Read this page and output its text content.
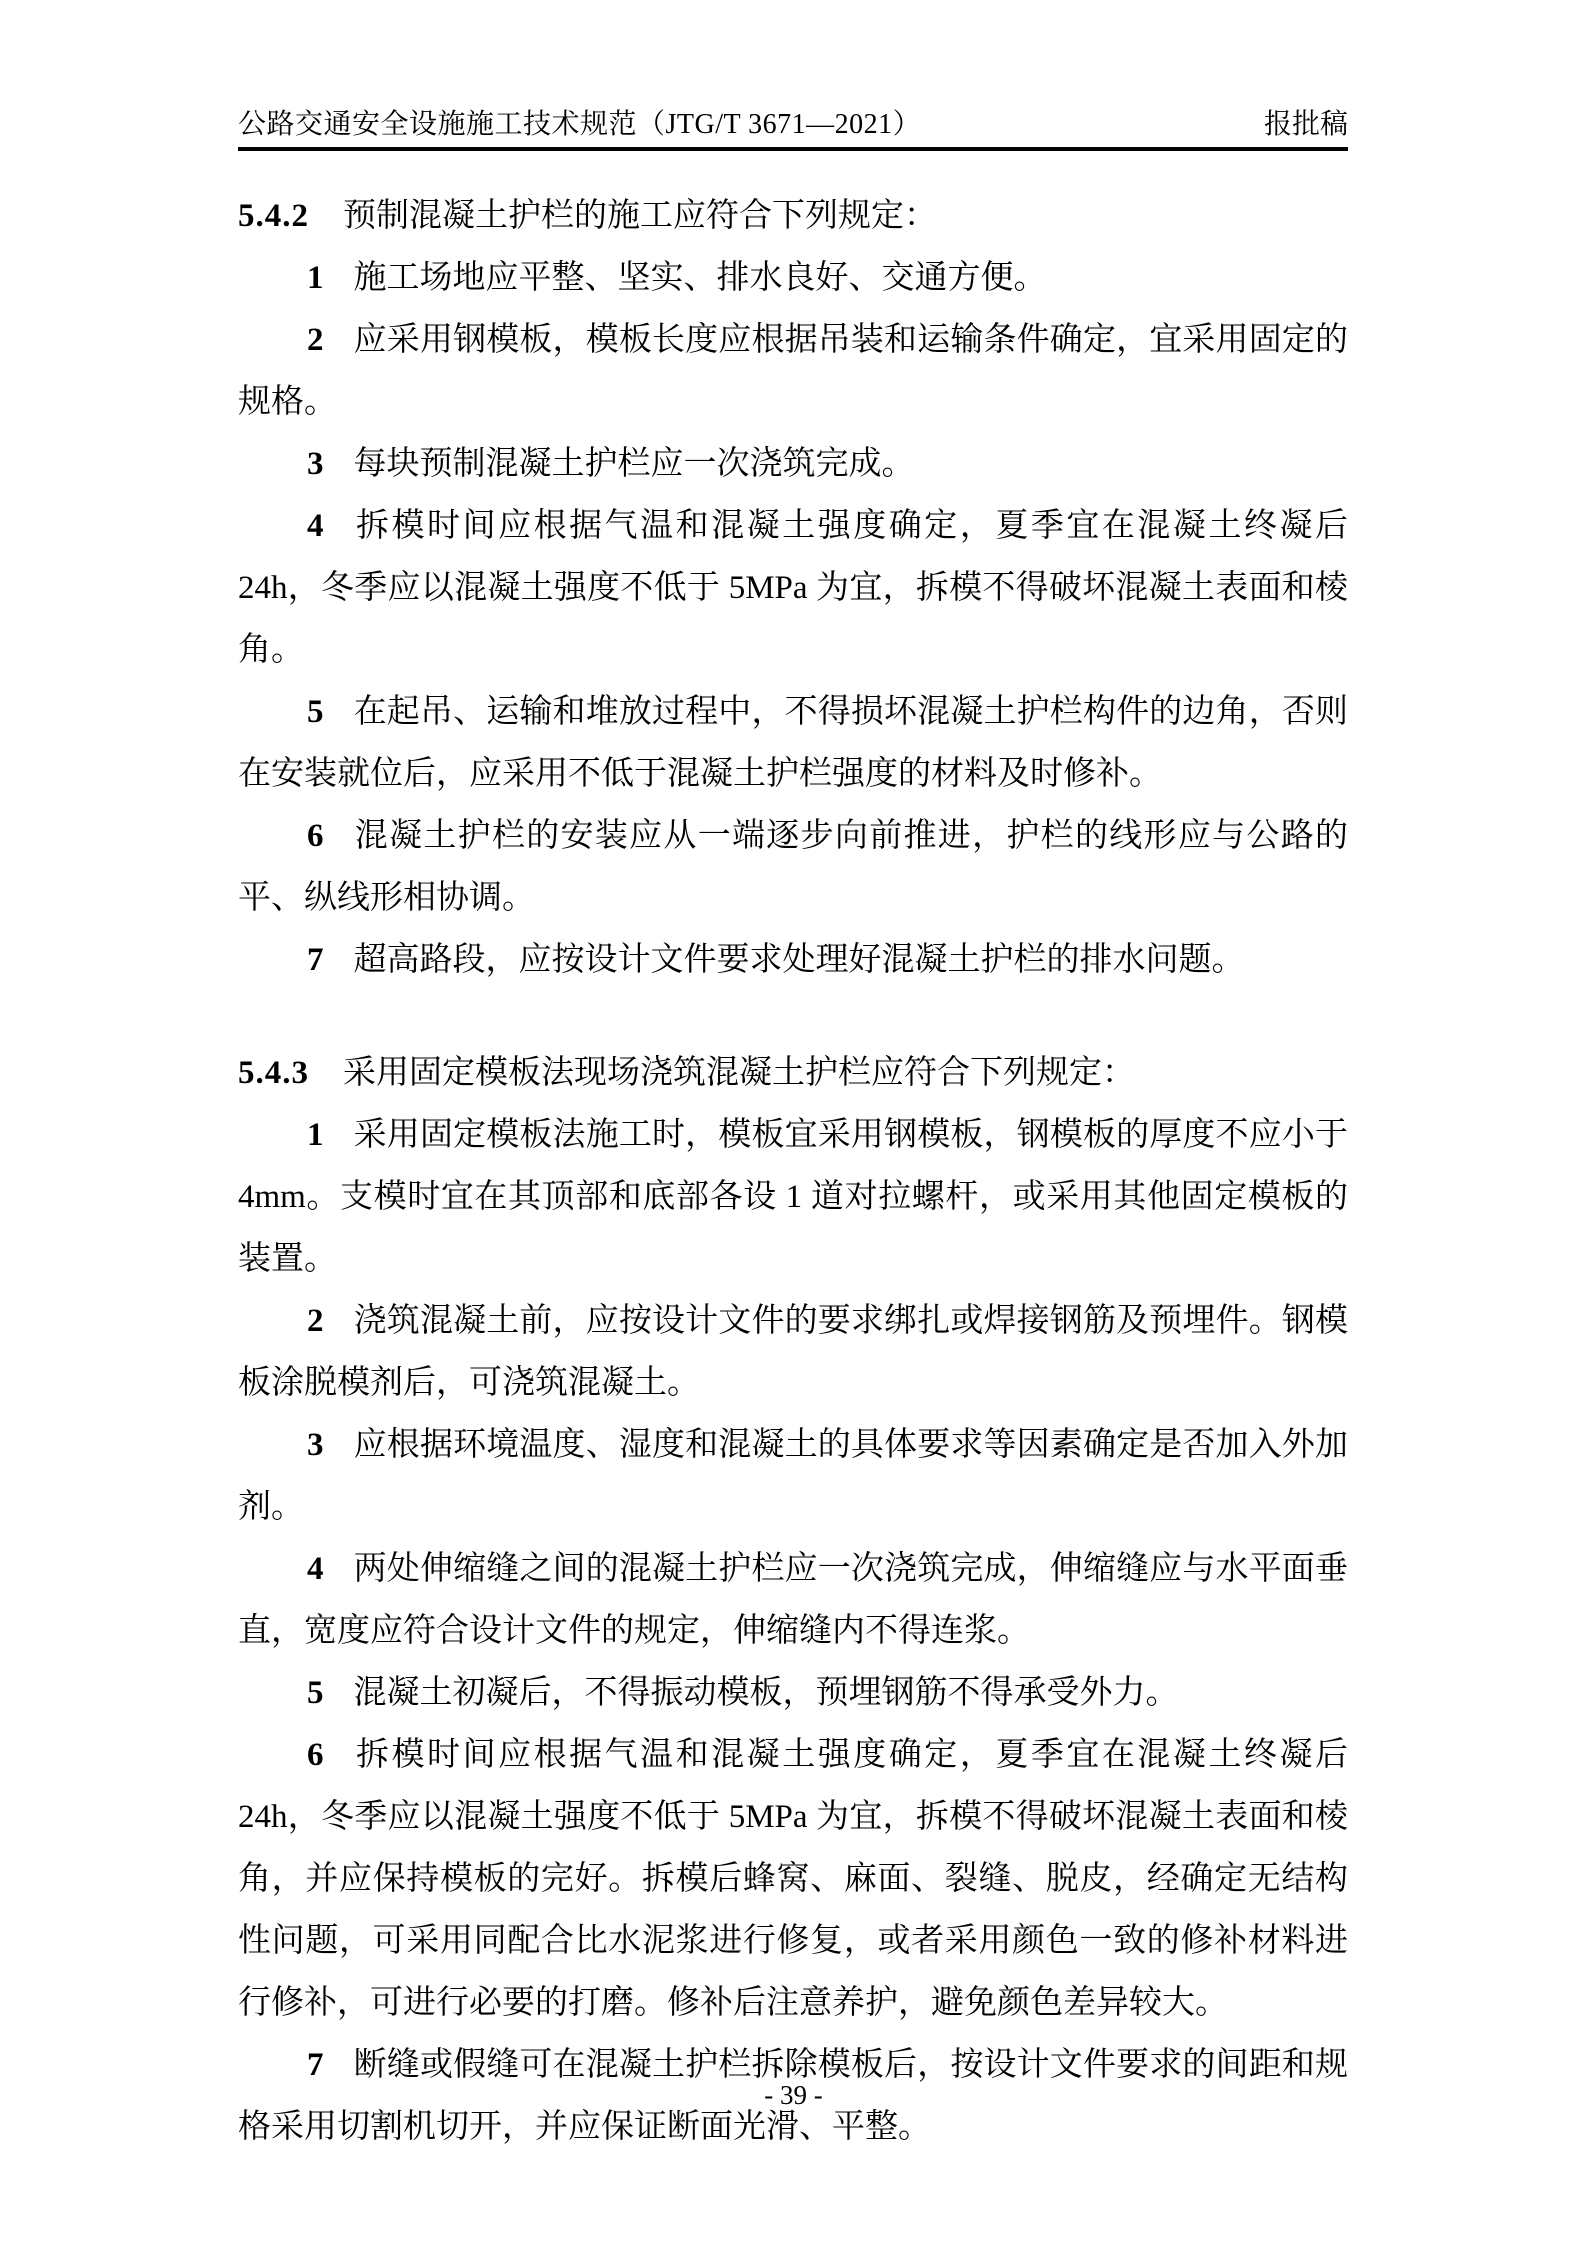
公路交通安全设施施工技术规范（JTG/T 3671—2021）	报批稿

5.4.2 预制混凝土护栏的施工应符合下列规定：

1 施工场地应平整、坚实、排水良好、交通方便。

2 应采用钢模板，模板长度应根据吊装和运输条件确定，宜采用固定的规格。

3 每块预制混凝土护栏应一次浇筑完成。

4 拆模时间应根据气温和混凝土强度确定，夏季宜在混凝土终凝后 24h，冬季应以混凝土强度不低于 5MPa 为宜，拆模不得破坏混凝土表面和棱角。

5 在起吊、运输和堆放过程中，不得损坏混凝土护栏构件的边角，否则在安装就位后，应采用不低于混凝土护栏强度的材料及时修补。

6 混凝土护栏的安装应从一端逐步向前推进，护栏的线形应与公路的平、纵线形相协调。

7 超高路段，应按设计文件要求处理好混凝土护栏的排水问题。

5.4.3 采用固定模板法现场浇筑混凝土护栏应符合下列规定：

1 采用固定模板法施工时，模板宜采用钢模板，钢模板的厚度不应小于 4mm。支模时宜在其顶部和底部各设 1 道对拉螺杆，或采用其他固定模板的装置。

2 浇筑混凝土前，应按设计文件的要求绑扎或焊接钢筋及预埋件。钢模板涂脱模剂后，可浇筑混凝土。

3 应根据环境温度、湿度和混凝土的具体要求等因素确定是否加入外加剂。

4 两处伸缩缝之间的混凝土护栏应一次浇筑完成，伸缩缝应与水平面垂直，宽度应符合设计文件的规定，伸缩缝内不得连浆。

5 混凝土初凝后，不得振动模板，预埋钢筋不得承受外力。

6 拆模时间应根据气温和混凝土强度确定，夏季宜在混凝土终凝后 24h，冬季应以混凝土强度不低于 5MPa 为宜，拆模不得破坏混凝土表面和棱角，并应保持模板的完好。拆模后蜂窝、麻面、裂缝、脱皮，经确定无结构性问题，可采用同配合比水泥浆进行修复，或者采用颜色一致的修补材料进行修补，可进行必要的打磨。修补后注意养护，避免颜色差异较大。

7 断缝或假缝可在混凝土护栏拆除模板后，按设计文件要求的间距和规格采用切割机切开，并应保证断面光滑、平整。

- 39 -
